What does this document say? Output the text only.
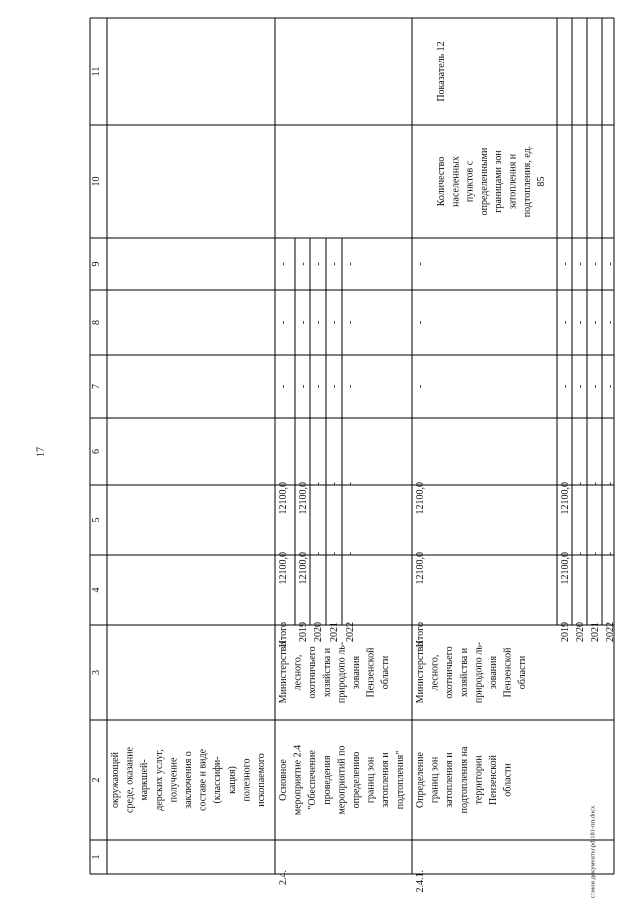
17
c:\мои документы\pd\181-пп.docx
1
2
3
4
5
6
7
8
9
10
11
окружающей среде, оказание маркшей- дерских услуг, получение заключения о составе и виде (классифи- кация) полезного ископаемого
2.4.
Основное мероприятие 2.4 "Обеспечение проведения мероприятий по определению границ зон затопления и подтопления"
Министерство лесного, охотничьего хозяйства и природопо ль- зования Пензенской области
Итого
12100,0
12100,0
-
-
-
2019
12100,0
12100,0
-
-
-
2020
-
-
-
-
-
2021
-
-
-
-
-
2022
-
-
-
-
-
2.4.1.
Определение границ зон затопления и подтопления на территории Пензенской области
Министерство лесного, охотничьего хозяйства и природопо ль- зования Пензенской области
Итого
12100,0
12100,0
-
-
-
2019
12100,0
12100,0
-
-
-
2020
-
-
-
-
-
2021
-
-
-
-
-
2022
-
-
-
-
-
Количество населенных пунктов с определенными границами зон затопления и подтопления, ед. 85
Показатель 12
